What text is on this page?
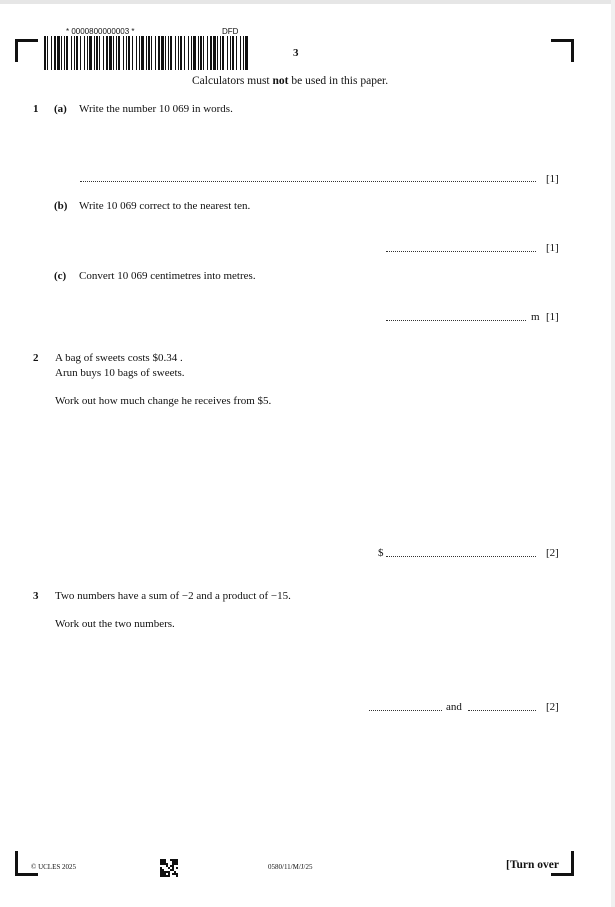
* 0000800000003 *	DFD
3
Calculators must not be used in this paper.
1 (a) Write the number 10 069 in words.
[1]
(b) Write 10 069 correct to the nearest ten.
[1]
(c) Convert 10 069 centimetres into metres.
m [1]
2 A bag of sweets costs $0.34 .
Arun buys 10 bags of sweets.
Work out how much change he receives from $5.
$	[2]
3 Two numbers have a sum of −2 and a product of −15.
Work out the two numbers.
and	[2]
© UCLES 2025	0580/11/M/J/25	[Turn over
